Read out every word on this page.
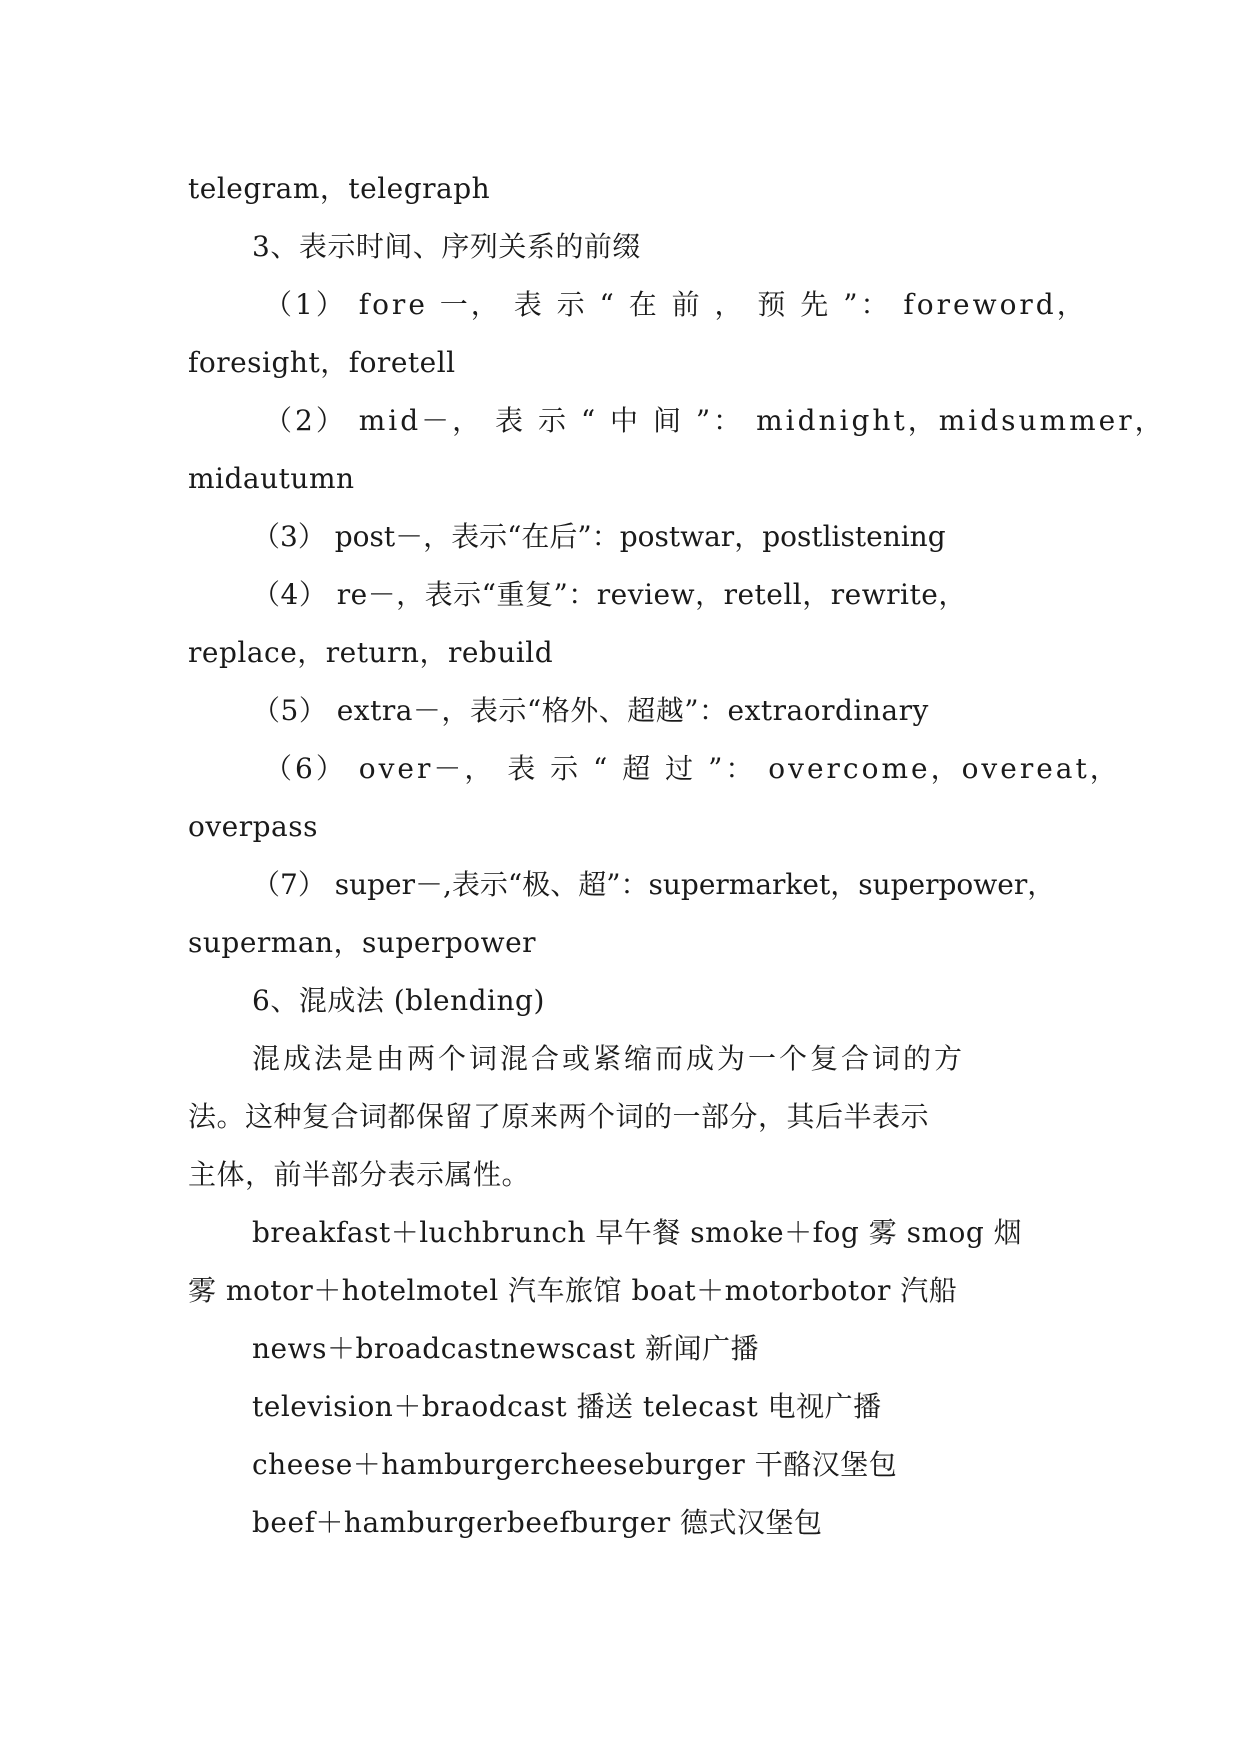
telegram，telegraph
3、表示时间、序列关系的前缀
（1） fore 一， 表 示 “ 在 前 ， 预 先 ”： foreword，
foresight，foretell
（2） mid－， 表 示 “ 中 间 ”： midnight，midsummer，
midautumn
（3） post－，表示“在后”：postwar，postlistening
（4） re－，表示“重复”：review，retell，rewrite，
replace，return，rebuild
（5） extra－，表示“格外、超越”：extraordinary
（6） over－， 表 示 “ 超 过 ”： overcome，overeat，
overpass
（7） super－,表示“极、超”：supermarket，superpower，
superman，superpower
6、混成法 (blending)
混成法是由两个词混合或紧缩而成为一个复合词的方
法。这种复合词都保留了原来两个词的一部分，其后半表示
主体，前半部分表示属性。
breakfast＋luchbrunch 早午餐 smoke＋fog 雾 smog 烟
雾 motor＋hotelmotel 汽车旅馆 boat＋motorbotor 汽船
news＋broadcastnewscast 新闻广播
television＋braodcast 播送 telecast 电视广播
cheese＋hamburgercheeseburger 干酪汉堡包
beef＋hamburgerbeefburger 德式汉堡包
